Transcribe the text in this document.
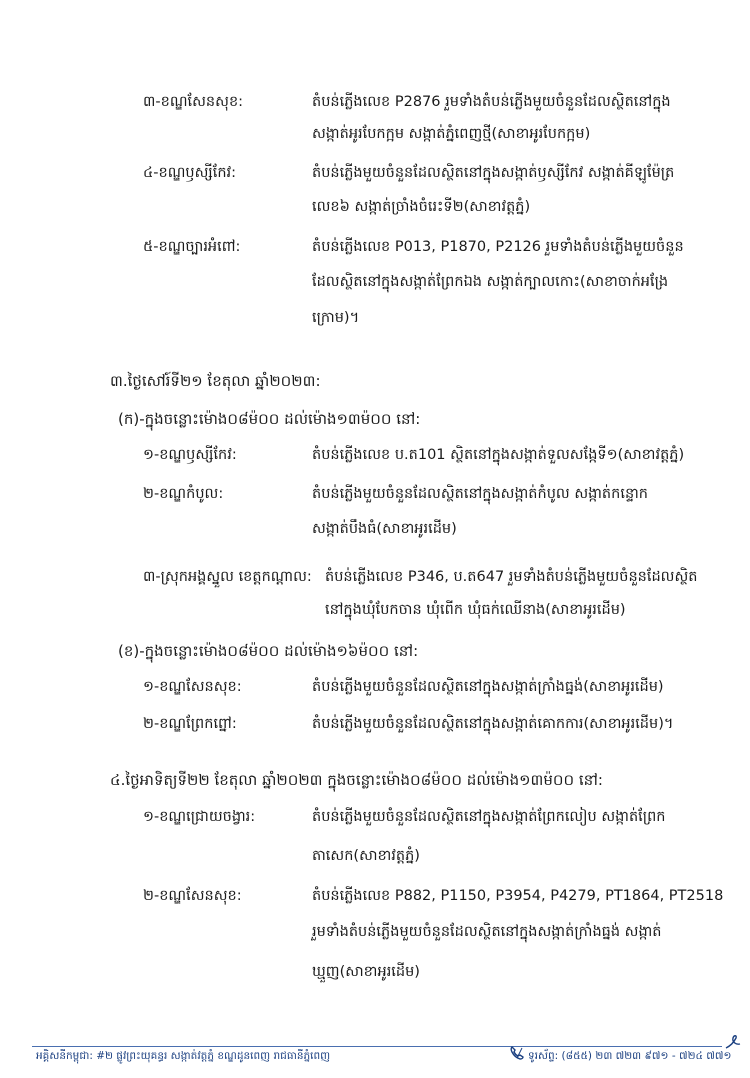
៣-ខណ្ឌសែនសុខ:	តំបន់ភ្លើងលេខ P2876 រួមទាំងតំបន់ភ្លើងមួយចំនួនដែលស្ថិតនៅក្នុង
សង្កាត់អូរបែកក្អម សង្កាត់ភ្នំពេញថ្មី(សាខាអូរបែកក្អម)
៤-ខណ្ឌឫស្សីកែវ:	តំបន់ភ្លើងមួយចំនួនដែលស្ថិតនៅក្នុងសង្កាត់ឫស្សីកែវ សង្កាត់គីឡូម៉ែត្រ
លេខ៦ សង្កាត់ច្រាំងចំរេះទី២(សាខាវត្តភ្នំ)
៥-ខណ្ឌច្បារអំពៅ:	តំបន់ភ្លើងលេខ P013, P1870, P2126 រួមទាំងតំបន់ភ្លើងមួយចំនួន
ដែលស្ថិតនៅក្នុងសង្កាត់ព្រែកឯង សង្កាត់ក្បាលកោះ(សាខាចាក់អង្រែ
ក្រោម)។
៣.ថ្ងៃសៅរ៍ទី២១ ខែតុលា ឆ្នាំ២០២៣:
(ក)-ក្នុងចន្លោះម៉ោង០៨ម៉០០ ដល់ម៉ោង១៣ម៉០០ នៅ:
១-ខណ្ឌឫស្សីកែវ:	តំបន់ភ្លើងលេខ ប.ត101 ស្ថិតនៅក្នុងសង្កាត់ទួលសង្កែទី១(សាខាវត្តភ្នំ)
២-ខណ្ឌកំបូល:	តំបន់ភ្លើងមួយចំនួនដែលស្ថិតនៅក្នុងសង្កាត់កំបូល សង្កាត់កន្ទោក
សង្កាត់បឹងធំ(សាខាអូរដើម)
៣-ស្រុកអង្គស្នួល ខេត្តកណ្ដាល: តំបន់ភ្លើងលេខ P346, ប.ត647 រួមទាំងតំបន់ភ្លើងមួយចំនួនដែលស្ថិត
នៅក្នុងឃុំបែកចាន ឃុំពើក ឃុំធក់ឈើនាង(សាខាអូរដើម)
(ខ)-ក្នុងចន្លោះម៉ោង០៨ម៉០០ ដល់ម៉ោង១៦ម៉០០ នៅ:
១-ខណ្ឌសែនសុខ:	តំបន់ភ្លើងមួយចំនួនដែលស្ថិតនៅក្នុងសង្កាត់ក្រាំងធ្នង់(សាខាអូរដើម)
២-ខណ្ឌព្រែកព្នៅ:	តំបន់ភ្លើងមួយចំនួនដែលស្ថិតនៅក្នុងសង្កាត់គោកការ(សាខាអូរដើម)។
៤.ថ្ងៃអាទិត្យទី២២ ខែតុលា ឆ្នាំ២០២៣ ក្នុងចន្លោះម៉ោង០៨ម៉០០ ដល់ម៉ោង១៣ម៉០០ នៅ:
១-ខណ្ឌជ្រោយចង្វារ:	តំបន់ភ្លើងមួយចំនួនដែលស្ថិតនៅក្នុងសង្កាត់ព្រែកលៀប សង្កាត់ព្រែក
តាសេក(សាខាវត្តភ្នំ)
២-ខណ្ឌសែនសុខ:	តំបន់ភ្លើងលេខ P882, P1150, P3954, P4279, PT1864, PT2518
រួមទាំងតំបន់ភ្លើងមួយចំនួនដែលស្ថិតនៅក្នុងសង្កាត់ក្រាំងធ្នង់ សង្កាត់
ឃ្មួញ(សាខាអូរដើម)
អគ្គិសនីកម្ពុជា: #២ ផ្លូវព្រះយុគន្ធរ សង្កាត់វត្តភ្នំ ខណ្ឌដូនពេញ រាជធានីភ្នំពេញ	ទូរស័ព្ទ: (៨៥៥) ២៣ ៧២៣ ៩៧១ - ៧២៤ ៧៧១
